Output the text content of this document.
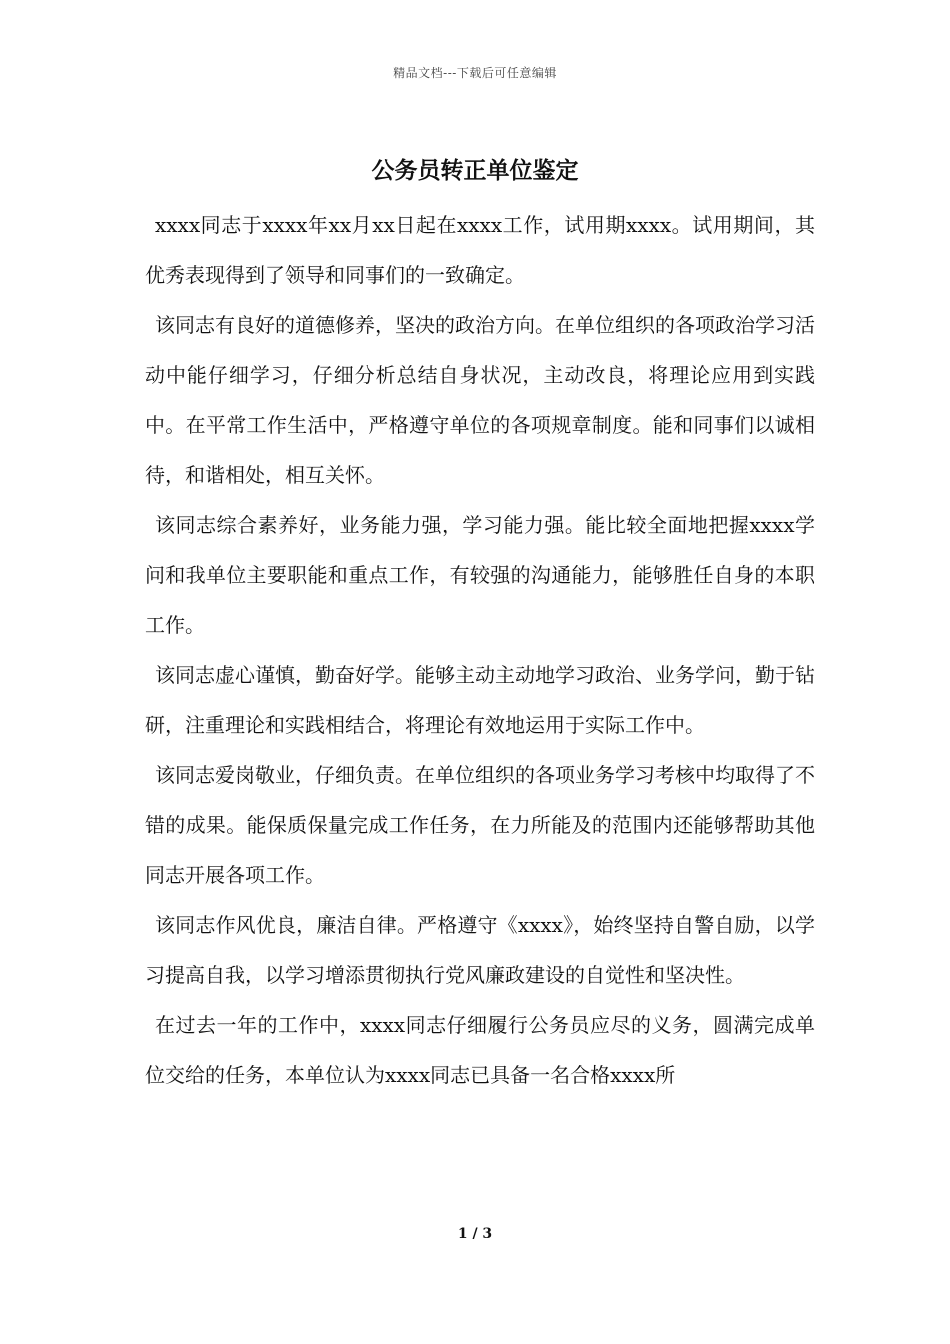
精品文档---下载后可任意编辑
公务员转正单位鉴定

xxxx同志于xxxx年xx月xx日起在xxxx工作，试用期xxxx。试用期间，其优秀表现得到了领导和同事们的一致确定。

该同志有良好的道德修养，坚决的政治方向。在单位组织的各项政治学习活动中能仔细学习，仔细分析总结自身状况，主动改良，将理论应用到实践中。在平常工作生活中，严格遵守单位的各项规章制度。能和同事们以诚相待，和谐相处，相互关怀。

该同志综合素养好，业务能力强，学习能力强。能比较全面地把握xxxx学问和我单位主要职能和重点工作，有较强的沟通能力，能够胜任自身的本职工作。

该同志虚心谨慎，勤奋好学。能够主动主动地学习政治、业务学问，勤于钻研，注重理论和实践相结合，将理论有效地运用于实际工作中。

该同志爱岗敬业，仔细负责。在单位组织的各项业务学习考核中均取得了不错的成果。能保质保量完成工作任务，在力所能及的范围内还能够帮助其他同志开展各项工作。

该同志作风优良，廉洁自律。严格遵守《xxxx》，始终坚持自警自励，以学习提高自我，以学习增添贯彻执行党风廉政建设的自觉性和坚决性。

在过去一年的工作中，xxxx同志仔细履行公务员应尽的义务，圆满完成单位交给的任务，本单位认为xxxx同志已具备一名合格xxxx所

1 / 3
